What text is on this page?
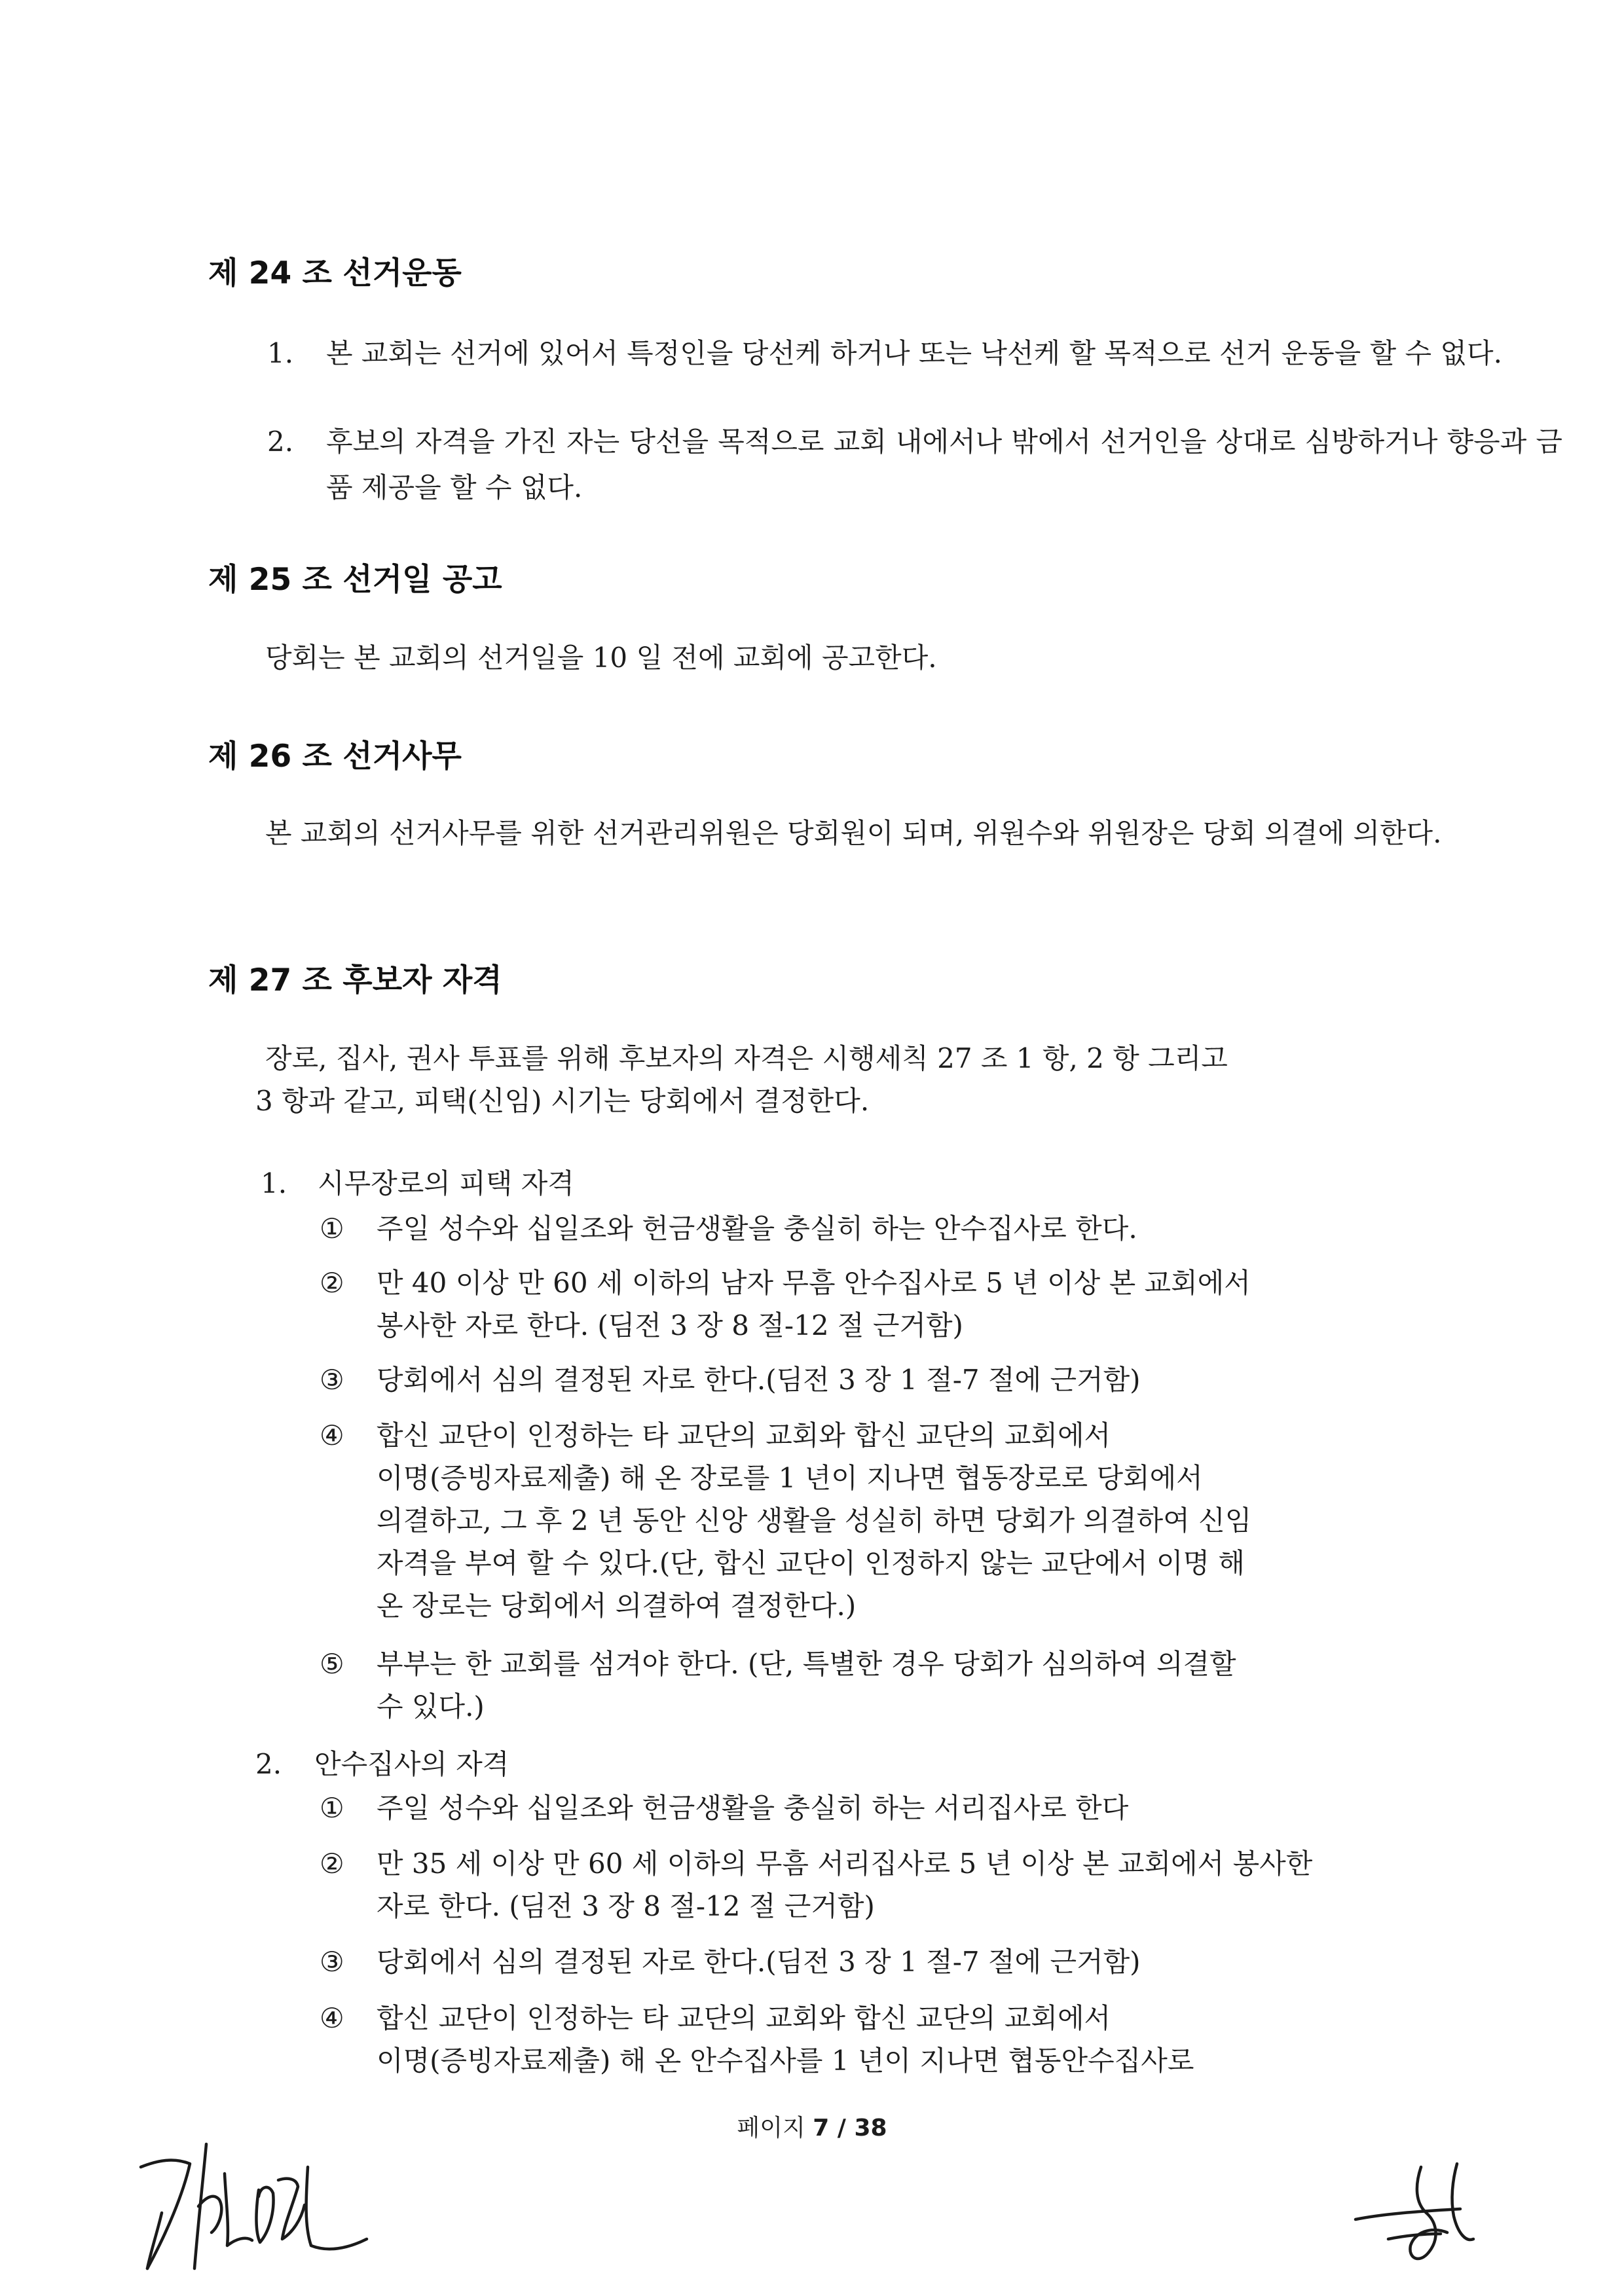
제 24 조 선거운동
1. 본 교회는 선거에 있어서 특정인을 당선케 하거나 또는 낙선케 할 목적으로 선거 운동을 할 수 없다.

2. 후보의 자격을 가진 자는 당선을 목적으로 교회 내에서나 밖에서 선거인을 상대로 심방하거나 향응과 금품 제공을 할 수 없다.

제 25 조 선거일 공고

당회는 본 교회의 선거일을 10 일 전에 교회에 공고한다.

제 26 조 선거사무

본 교회의 선거사무를 위한 선거관리위원은 당회원이 되며, 위원수와 위원장은 당회 의결에 의한다.

제 27 조 후보자 자격

장로, 집사, 권사 투표를 위해 후보자의 자격은 시행세칙 27 조 1 항, 2 항 그리고

3 항과 같고, 피택(신임) 시기는 당회에서 결정한다.

1. 시무장로의 피택 자격

① 주일 성수와 십일조와 헌금생활을 충실히 하는 안수집사로 한다.

② 만 40 이상 만 60 세 이하의 남자 무흠 안수집사로 5 년 이상 본 교회에서

봉사한 자로 한다. (딤전 3 장 8 절-12 절 근거함)

③ 당회에서 심의 결정된 자로 한다.(딤전 3 장 1 절-7 절에 근거함)

④ 합신 교단이 인정하는 타 교단의 교회와 합신 교단의 교회에서

이명(증빙자료제출) 해 온 장로를 1 년이 지나면 협동장로로 당회에서

의결하고, 그 후 2 년 동안 신앙 생활을 성실히 하면 당회가 의결하여 신임

자격을 부여 할 수 있다.(단, 합신 교단이 인정하지 않는 교단에서 이명 해

온 장로는 당회에서 의결하여 결정한다.)

⑤ 부부는 한 교회를 섬겨야 한다. (단, 특별한 경우 당회가 심의하여 의결할

수 있다.)

2. 안수집사의 자격

① 주일 성수와 십일조와 헌금생활을 충실히 하는 서리집사로 한다

② 만 35 세 이상 만 60 세 이하의 무흠 서리집사로 5 년 이상 본 교회에서 봉사한

자로 한다. (딤전 3 장 8 절-12 절 근거함)

③ 당회에서 심의 결정된 자로 한다.(딤전 3 장 1 절-7 절에 근거함)

④ 합신 교단이 인정하는 타 교단의 교회와 합신 교단의 교회에서

이명(증빙자료제출) 해 온 안수집사를 1 년이 지나면 협동안수집사로

페이지 7 / 38
